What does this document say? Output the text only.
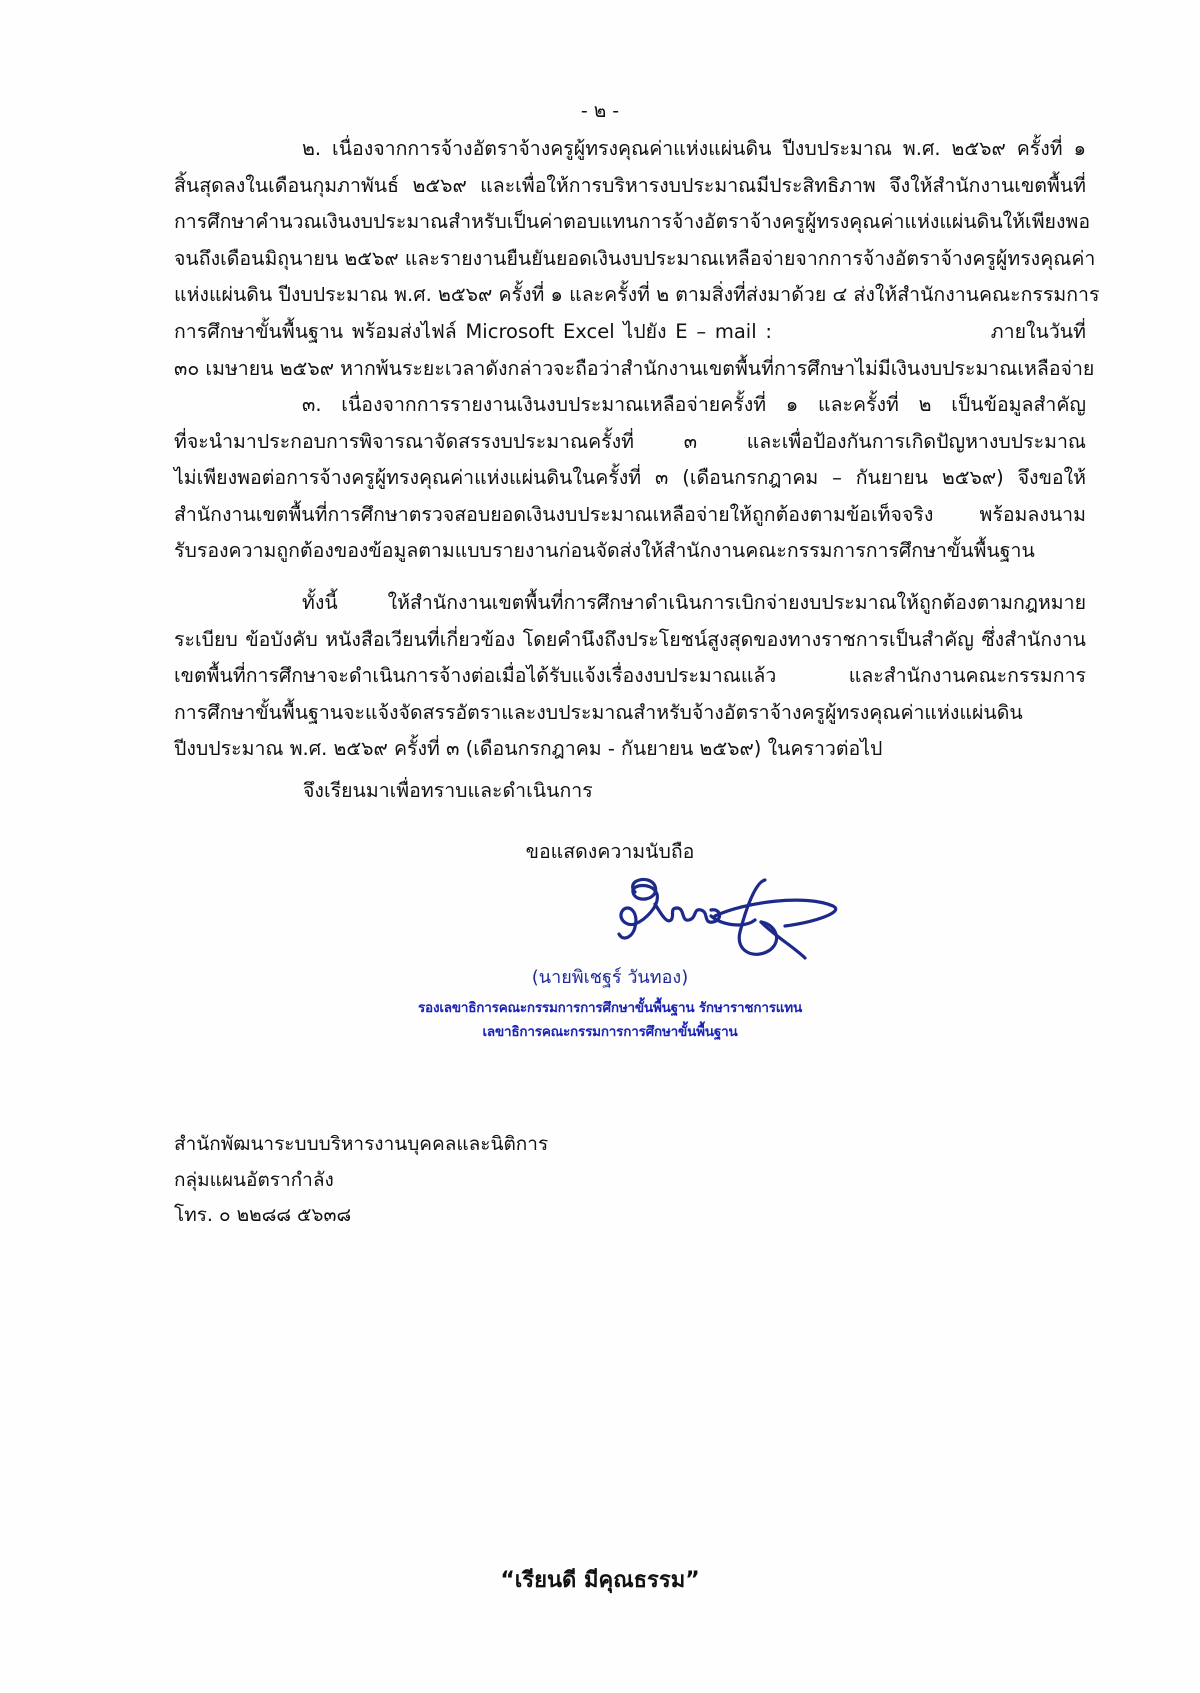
- ๒ -

๒. เนื่องจากการจ้างอัตราจ้างครูผู้ทรงคุณค่าแห่งแผ่นดิน ปีงบประมาณ พ.ศ. ๒๕๖๙ ครั้งที่ ๑
สิ้นสุดลงในเดือนกุมภาพันธ์ ๒๕๖๙ และเพื่อให้การบริหารงบประมาณมีประสิทธิภาพ จึงให้สำนักงานเขตพื้นที่
การศึกษาคำนวณเงินงบประมาณสำหรับเป็นค่าตอบแทนการจ้างอัตราจ้างครูผู้ทรงคุณค่าแห่งแผ่นดินให้เพียงพอ
จนถึงเดือนมิถุนายน ๒๕๖๙ และรายงานยืนยันยอดเงินงบประมาณเหลือจ่ายจากการจ้างอัตราจ้างครูผู้ทรงคุณค่า
แห่งแผ่นดิน ปีงบประมาณ พ.ศ. ๒๕๖๙ ครั้งที่ ๑ และครั้งที่ ๒ ตามสิ่งที่ส่งมาด้วย ๔ ส่งให้สำนักงานคณะกรรมการ
การศึกษาขั้นพื้นฐาน พร้อมส่งไฟล์ Microsoft Excel ไปยัง E – mail :                         ภายในวันที่
๓๐ เมษายน ๒๕๖๙ หากพ้นระยะเวลาดังกล่าวจะถือว่าสำนักงานเขตพื้นที่การศึกษาไม่มีเงินงบประมาณเหลือจ่าย

๓. เนื่องจากการรายงานเงินงบประมาณเหลือจ่ายครั้งที่ ๑ และครั้งที่ ๒ เป็นข้อมูลสำคัญ
ที่จะนำมาประกอบการพิจารณาจัดสรรงบประมาณครั้งที่ ๓ และเพื่อป้องกันการเกิดปัญหางบประมาณ
ไม่เพียงพอต่อการจ้างครูผู้ทรงคุณค่าแห่งแผ่นดินในครั้งที่ ๓ (เดือนกรกฎาคม – กันยายน ๒๕๖๙) จึงขอให้
สำนักงานเขตพื้นที่การศึกษาตรวจสอบยอดเงินงบประมาณเหลือจ่ายให้ถูกต้องตามข้อเท็จจริง พร้อมลงนาม
รับรองความถูกต้องของข้อมูลตามแบบรายงานก่อนจัดส่งให้สำนักงานคณะกรรมการการศึกษาขั้นพื้นฐาน

ทั้งนี้ ให้สำนักงานเขตพื้นที่การศึกษาดำเนินการเบิกจ่ายงบประมาณให้ถูกต้องตามกฎหมาย
ระเบียบ ข้อบังคับ หนังสือเวียนที่เกี่ยวข้อง โดยคำนึงถึงประโยชน์สูงสุดของทางราชการเป็นสำคัญ ซึ่งสำนักงาน
เขตพื้นที่การศึกษาจะดำเนินการจ้างต่อเมื่อได้รับแจ้งเรื่องงบประมาณแล้ว และสำนักงานคณะกรรมการ
การศึกษาขั้นพื้นฐานจะแจ้งจัดสรรอัตราและงบประมาณสำหรับจ้างอัตราจ้างครูผู้ทรงคุณค่าแห่งแผ่นดิน
ปีงบประมาณ พ.ศ. ๒๕๖๙ ครั้งที่ ๓ (เดือนกรกฎาคม - กันยายน ๒๕๖๙) ในคราวต่อไป

จึงเรียนมาเพื่อทราบและดำเนินการ
ขอแสดงความนับถือ
(นายพิเชฐร์ วันทอง)
รองเลขาธิการคณะกรรมการการศึกษาขั้นพื้นฐาน รักษาราชการแทน
เลขาธิการคณะกรรมการการศึกษาขั้นพื้นฐาน
สำนักพัฒนาระบบบริหารงานบุคคลและนิติการ
กลุ่มแผนอัตรากำลัง
โทร. ๐ ๒๒๘๘ ๕๖๓๘
“เรียนดี มีคุณธรรม”
